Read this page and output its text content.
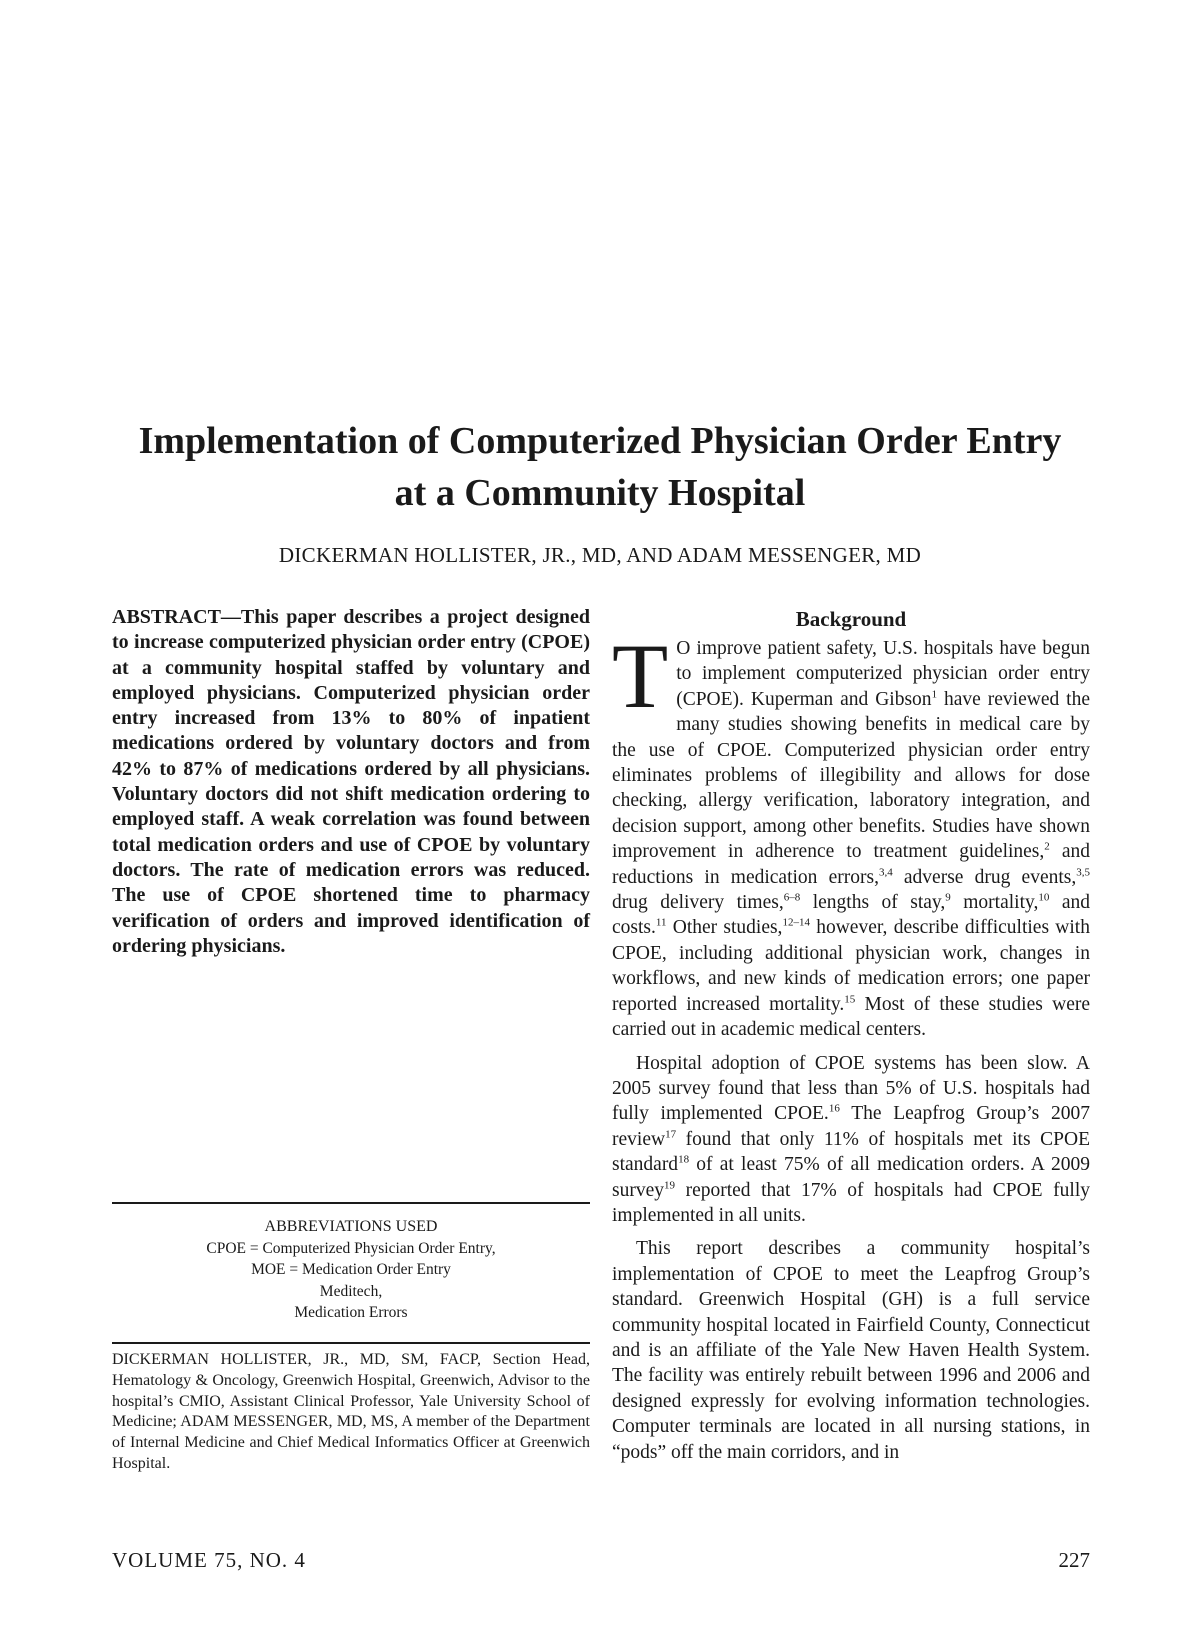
Implementation of Computerized Physician Order Entry
at a Community Hospital
DICKERMAN HOLLISTER, JR., MD, AND ADAM MESSENGER, MD

ABSTRACT—This paper describes a project designed to increase computerized physician order entry (CPOE) at a community hospital staffed by voluntary and employed physicians. Computerized physician order entry increased from 13% to 80% of inpatient medications ordered by voluntary doctors and from 42% to 87% of medications ordered by all physicians. Voluntary doctors did not shift medication ordering to employed staff. A weak correlation was found between total medication orders and use of CPOE by voluntary doctors. The rate of medication errors was reduced. The use of CPOE shortened time to pharmacy verification of orders and improved identification of ordering physicians.

ABBREVIATIONS USED
CPOE = Computerized Physician Order Entry,
MOE = Medication Order Entry
Meditech,
Medication Errors

DICKERMAN HOLLISTER, JR., MD, SM, FACP, Section Head, Hematology & Oncology, Greenwich Hospital, Greenwich, Advisor to the hospital’s CMIO, Assistant Clinical Professor, Yale University School of Medicine; ADAM MESSENGER, MD, MS, A member of the Department of Internal Medicine and Chief Medical Informatics Officer at Greenwich Hospital.

Background

T O improve patient safety, U.S. hospitals have begun to implement computerized physician order entry (CPOE). Kuperman and Gibson$^1$ have reviewed the many studies showing benefits in medical care by the use of CPOE. Computerized physician order entry eliminates problems of illegibility and allows for dose checking, allergy verification, laboratory integration, and decision support, among other benefits. Studies have shown improvement in adherence to treatment guidelines,$^2$ and reductions in medication errors,$^{3,4}$ adverse drug events,$^{3,5}$ drug delivery times,$^{6-8}$ lengths of stay,$^9$ mortality,$^{10}$ and costs.$^{11}$ Other studies,$^{12-14}$ however, describe difficulties with CPOE, including additional physician work, changes in workflows, and new kinds of medication errors; one paper reported increased mortality.$^{15}$ Most of these studies were carried out in academic medical centers.

Hospital adoption of CPOE systems has been slow. A 2005 survey found that less than 5% of U.S. hospitals had fully implemented CPOE.$^{16}$ The Leapfrog Group’s 2007 review$^{17}$ found that only 11% of hospitals met its CPOE standard$^{18}$ of at least 75% of all medication orders. A 2009 survey$^{19}$ reported that 17% of hospitals had CPOE fully implemented in all units.

This report describes a community hospital’s implementation of CPOE to meet the Leapfrog Group’s standard. Greenwich Hospital (GH) is a full service community hospital located in Fairfield County, Connecticut and is an affiliate of the Yale New Haven Health System. The facility was entirely rebuilt between 1996 and 2006 and designed expressly for evolving information technologies. Computer terminals are located in all nursing stations, in “pods” off the main corridors, and in

VOLUME 75, NO. 4	227
